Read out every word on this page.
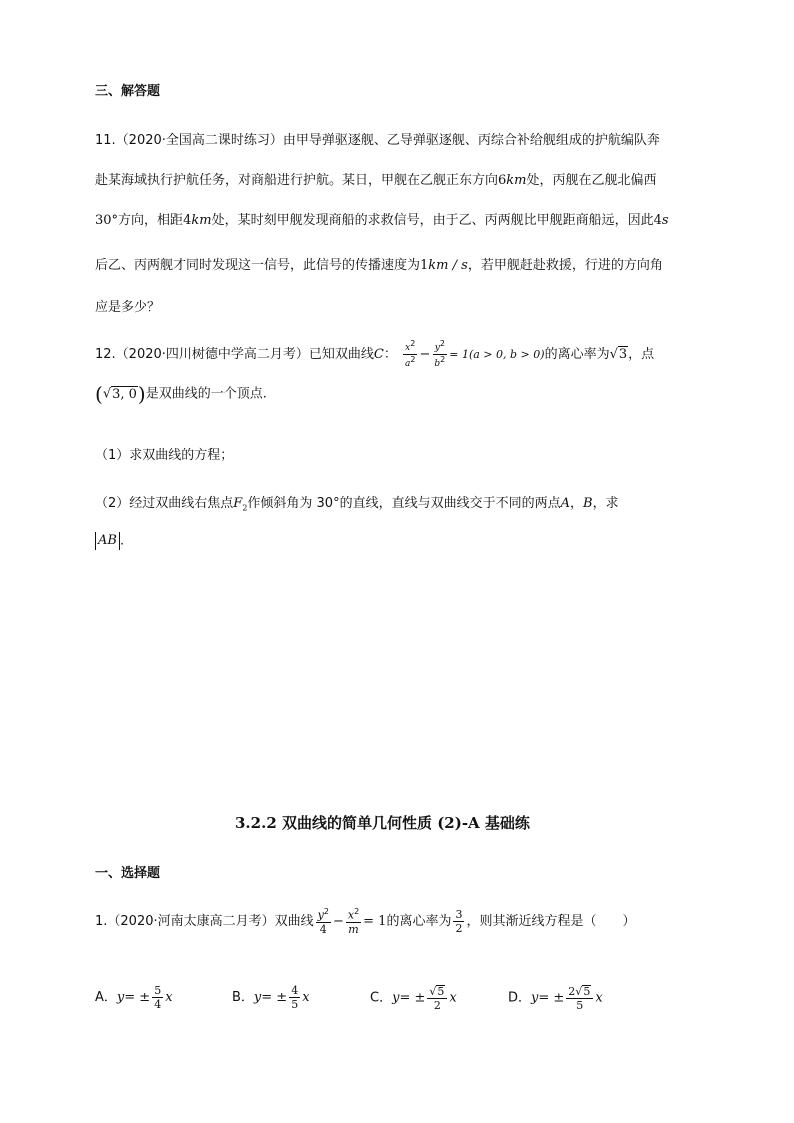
三、解答题
11.（2020·全国高二课时练习）由甲导弹驱逐舰、乙导弹驱逐舰、丙综合补给舰组成的护航编队奔
赴某海域执行护航任务，对商船进行护航。某日，甲舰在乙舰正东方向6km处，丙舰在乙舰北偏西
30°方向，相距4km处，某时刻甲舰发现商船的求救信号，由于乙、丙两舰比甲舰距商船远，因此4s
后乙、丙两舰才同时发现这一信号，此信号的传播速度为1km / s，若甲舰赶赴救援，行进的方向角
应是多少？
12.（2020·四川树德中学高二月考）已知双曲线C： $\frac{x^2}{a^2} - \frac{y^2}{b^2} = 1(a > 0$, b > 0)的离心率为√3，点
(√3, 0)是双曲线的一个顶点.
（1）求双曲线的方程；
（2）经过双曲线右焦点$F_2$作倾斜角为 30°的直线，直线与双曲线交于不同的两点A，B，求
AB .
3.2.2 双曲线的简单几何性质 (2)-A 基础练
一、选择题
1.（2020·河南太康高二月考）双曲线 $\frac{y^2}{4} - \frac{x^2}{m} = 1$的离心率为 $\frac{3}{2}$ ，则其渐近线方程是（　　）
A．$y= \pm \frac{5}{4}$ x	B．$y= \pm \frac{4}{5}$ x	C．$y= \pm \frac{√5}{2}$ x	D．$y= \pm \frac{2√5}{5}$ x
